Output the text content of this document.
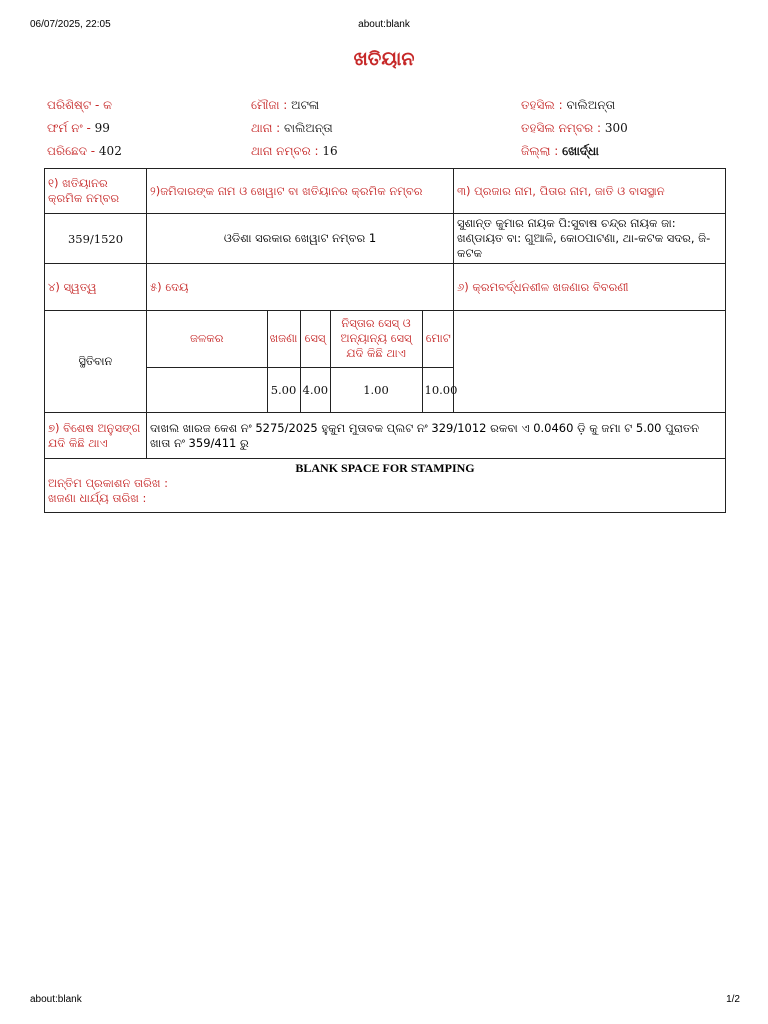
06/07/2025, 22:05	about:blank
ଖତିୟାନ
ପରିଶିଷ୍ଟ - କ	ମୌଜା : ଅଟଳା	ତହସିଲ : ବାଲିଅନ୍ତା
ଫର୍ମ ନଂ - 99	ଥାନା : ବାଲିଅନ୍ତା	ତହସିଲ ନମ୍ବର : 300
ପରିଛେଦ - 402	ଥାନା ନମ୍ବର : 16	ଜିଲ୍ଲା : ଖୋର୍ଦ୍ଧା
୧) ଖତିୟାନର କ୍ରମିକ ନମ୍ବର	୨)ଜମିଦାରଙ୍କ ନାମ ଓ ଖେୱାଟ ବା ଖତିୟାନର କ୍ରମିକ ନମ୍ବର	୩) ପ୍ରଜାର ନାମ, ପିତାର ନାମ, ଜାତି ଓ ବାସସ୍ଥାନ
359/1520	ଓଡିଶା ସରକାର ଖେୱାଟ ନମ୍ବର 1	ସୁଶାନ୍ତ କୁମାର ନାୟକ ପି:ସୁବାଷ ଚନ୍ଦ୍ର ନାୟକ ଜା: ଖଣ୍ଡାୟତ ବା: ଗୁଆଳି, କୋଠପାଟଣା, ଥା-କଟକ ସଦର, ଜି-କଟକ
୪) ସ୍ୱତ୍ୱ	୫) ଦେୟ	୬) କ୍ରମବର୍ଦ୍ଧନଶୀଳ ଖଜଣାର ବିବରଣୀ
ସ୍ଥିତିବାନ	
ଜଳକର	ଖଜଣା	ସେସ୍	ନିସ୍ତାର ସେସ୍ ଓ ଅନ୍ୟାନ୍ୟ ସେସ୍ ଯଦି କିଛି ଥାଏ	ମୋଟ
	5.00	4.00	1.00	10.00

୭) ବିଶେଷ ଅନୁସଙ୍ଗ ଯଦି କିଛି ଥାଏ	ଦାଖଲ ଖାରଜ କେଶ ନଂ 5275/2025 ହୁକୁମ ମୁତାବକ ପ୍ଲଟ ନଂ 329/1012 ରକବା ଏ 0.0460 ଡ଼ି କୁ ଜମା ଟ 5.00 ପୁରାତନ ଖାତା ନଂ 359/411 ରୁ

BLANK SPACE FOR STAMPING
ଅନ୍ତିମ ପ୍ରକାଶନ ତାରିଖ :
ଖଜଣା ଧାର୍ଯ୍ୟ ତାରିଖ :
about:blank	1/2
